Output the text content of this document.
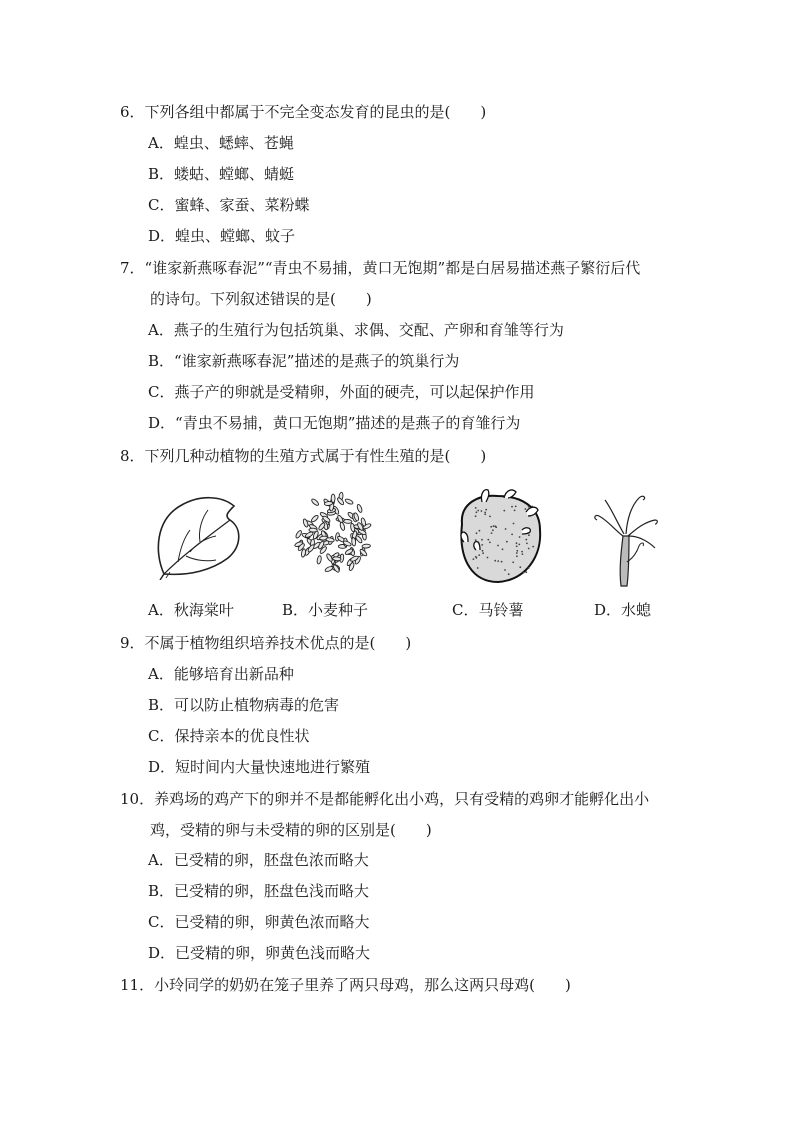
6．下列各组中都属于不完全变态发育的昆虫的是(　　)
A．蝗虫、蟋蟀、苍蝇
B．蝼蛄、螳螂、蜻蜓
C．蜜蜂、家蚕、菜粉蝶
D．蝗虫、螳螂、蚊子
7．“谁家新燕啄春泥”“青虫不易捕，黄口无饱期”都是白居易描述燕子繁衍后代
的诗句。下列叙述错误的是(　　)
A．燕子的生殖行为包括筑巢、求偶、交配、产卵和育雏等行为
B．“谁家新燕啄春泥”描述的是燕子的筑巢行为
C．燕子产的卵就是受精卵，外面的硬壳，可以起保护作用
D．“青虫不易捕，黄口无饱期”描述的是燕子的育雏行为
8．下列几种动植物的生殖方式属于有性生殖的是(　　)
A．秋海棠叶	B．小麦种子	C．马铃薯	D．水螅
9．不属于植物组织培养技术优点的是(　　)
A．能够培育出新品种
B．可以防止植物病毒的危害
C．保持亲本的优良性状
D．短时间内大量快速地进行繁殖
10．养鸡场的鸡产下的卵并不是都能孵化出小鸡，只有受精的鸡卵才能孵化出小
鸡，受精的卵与未受精的卵的区别是(　　)
A．已受精的卵，胚盘色浓而略大
B．已受精的卵，胚盘色浅而略大
C．已受精的卵，卵黄色浓而略大
D．已受精的卵，卵黄色浅而略大
11．小玲同学的奶奶在笼子里养了两只母鸡，那么这两只母鸡(　　)
